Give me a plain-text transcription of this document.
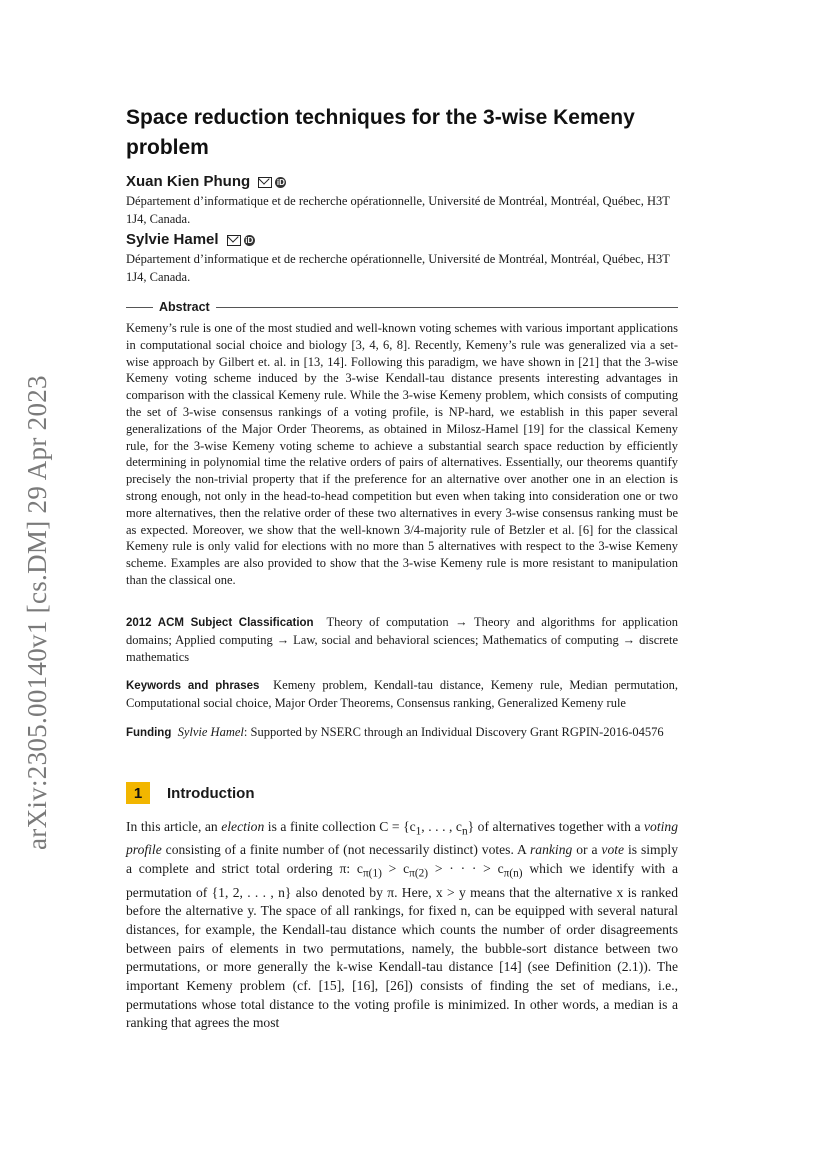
arXiv:2305.00140v1 [cs.DM] 29 Apr 2023
Space reduction techniques for the 3-wise Kemeny problem
Xuan Kien Phung	iD
Département d’informatique et de recherche opérationnelle, Université de Montréal, Montréal, Québec, H3T 1J4, Canada.
Sylvie Hamel	iD
Département d’informatique et de recherche opérationnelle, Université de Montréal, Montréal, Québec, H3T 1J4, Canada.
Abstract
Kemeny’s rule is one of the most studied and well-known voting schemes with various important applications in computational social choice and biology [3, 4, 6, 8]. Recently, Kemeny’s rule was generalized via a set-wise approach by Gilbert et. al. in [13, 14]. Following this paradigm, we have shown in [21] that the 3-wise Kemeny voting scheme induced by the 3-wise Kendall-tau distance presents interesting advantages in comparison with the classical Kemeny rule. While the 3-wise Kemeny problem, which consists of computing the set of 3-wise consensus rankings of a voting profile, is NP-hard, we establish in this paper several generalizations of the Major Order Theorems, as obtained in Milosz-Hamel [19] for the classical Kemeny rule, for the 3-wise Kemeny voting scheme to achieve a substantial search space reduction by efficiently determining in polynomial time the relative orders of pairs of alternatives. Essentially, our theorems quantify precisely the non-trivial property that if the preference for an alternative over another one in an election is strong enough, not only in the head-to-head competition but even when taking into consideration one or two more alternatives, then the relative order of these two alternatives in every 3-wise consensus ranking must be as expected. Moreover, we show that the well-known 3/4-majority rule of Betzler et al. [6] for the classical Kemeny rule is only valid for elections with no more than 5 alternatives with respect to the 3-wise Kemeny scheme. Examples are also provided to show that the 3-wise Kemeny rule is more resistant to manipulation than the classical one.
2012 ACM Subject Classification Theory of computation → Theory and algorithms for application domains; Applied computing → Law, social and behavioral sciences; Mathematics of computing → discrete mathematics
Keywords and phrases Kemeny problem, Kendall-tau distance, Kemeny rule, Median permutation, Computational social choice, Major Order Theorems, Consensus ranking, Generalized Kemeny rule
Funding Sylvie Hamel: Supported by NSERC through an Individual Discovery Grant RGPIN-2016-04576
1	Introduction
In this article, an election is a finite collection $C = \{c_1$, . . . , $c_n$} of alternatives together with a voting profile consisting of a finite number of (not necessarily distinct) votes. A ranking or a vote is simply a complete and strict total ordering π: $c_{\pi(1)} > c_{\pi(2)}$ > · · · > $c_{\pi(n)}$ which we identify with a permutation of {1, 2, . . . , n} also denoted by π. Here, x > y means that the alternative x is ranked before the alternative y. The space of all rankings, for fixed n, can be equipped with several natural distances, for example, the Kendall-tau distance which counts the number of order disagreements between pairs of elements in two permutations, namely, the bubble-sort distance between two permutations, or more generally the k-wise Kendall-tau distance [14] (see Definition (2.1)). The important Kemeny problem (cf. [15], [16], [26]) consists of finding the set of medians, i.e., permutations whose total distance to the voting profile is minimized. In other words, a median is a ranking that agrees the most
